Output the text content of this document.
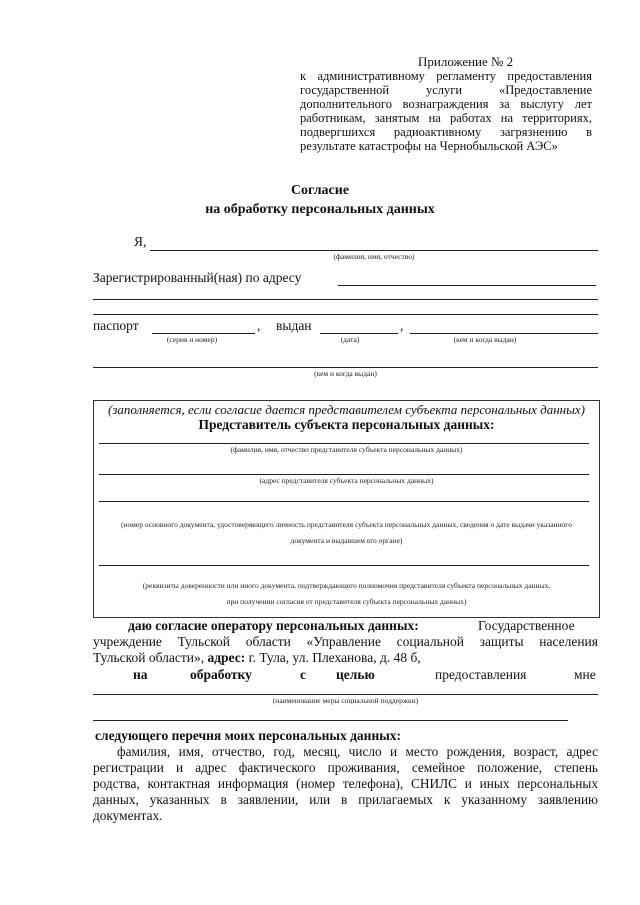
Приложение № 2
к административному регламенту предоставления государственной услуги «Предоставление дополнительного вознаграждения за выслугу лет работникам, занятым на работах на территориях, подвергшихся радиоактивному загрязнению в результате катастрофы на Чернобыльской АЭС»
Согласие
на обработку персональных данных
Я,
(фамилия, имя, отчество)
Зарегистрированный(ная) по адресу
паспорт	, выдан	,
(серия и номер)	(дата)	(кем и когда выдан)
(кем и когда выдан)
(заполняется, если согласие дается представителем субъекта персональных данных)
Представитель субъекта персональных данных:
(фамилия, имя, отчество представителя субъекта персональных данных)
(адрес представителя субъекта персональных данных)
(номер основного документа, удостоверяющего личность представителя субъекта персональных данных, сведения о дате выдачи указанного
документа и выдавшем его органе)
(реквизиты доверенности или иного документа, подтверждающего полномочия представителя субъекта персональных данных,
при получении согласия от представителя субъекта персональных данных)
даю согласие оператору персональных данных:	Государственное
учреждение Тульской области «Управление социальной защиты населения
Тульской области», адрес: г. Тула, ул. Плеханова, д. 48 б,
на	обработку	с целью	предоставления	мне
(наименование меры социальной поддержки)
следующего перечня моих персональных данных:
фамилия, имя, отчество, год, месяц, число и место рождения, возраст, адрес
регистрации и адрес фактического проживания, семейное положение, степень
родства, контактная информация (номер телефона), СНИЛС и иных персональных
данных, указанных в заявлении, или в прилагаемых к указанному заявлению
документах.
